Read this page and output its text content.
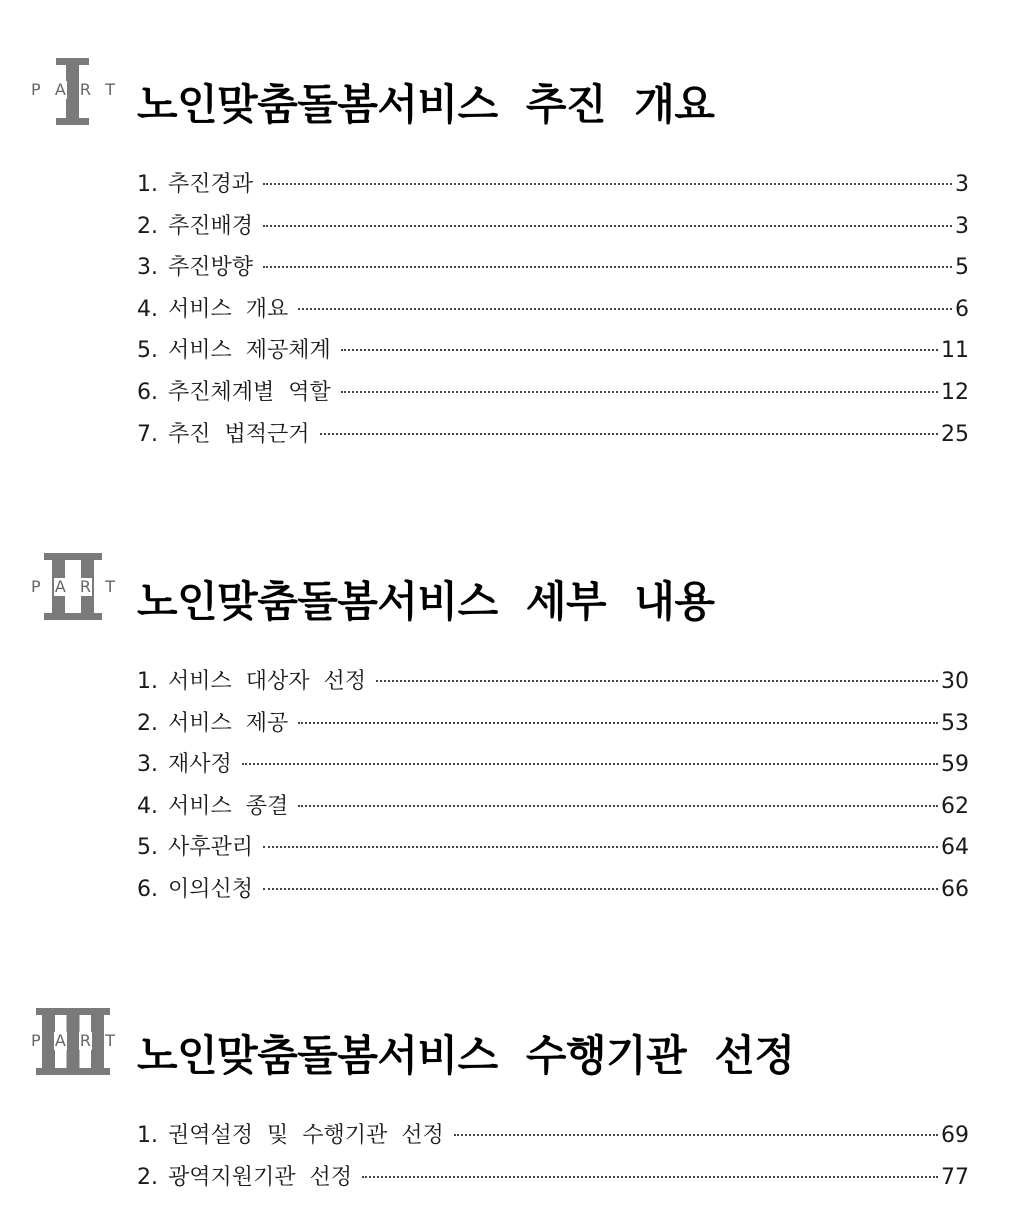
P A R T 노인맞춤돌봄서비스  추진  개요
1. 추진경과	3
2. 추진배경	3
3. 추진방향	5
4. 서비스  개요	6
5. 서비스  제공체계	11
6. 추진체계별  역할	12
7. 추진  법적근거	25
P A R T 노인맞춤돌봄서비스  세부  내용
1. 서비스  대상자  선정	30
2. 서비스  제공	53
3. 재사정	59
4. 서비스  종결	62
5. 사후관리	64
6. 이의신청	66
P A R T 노인맞춤돌봄서비스  수행기관  선정
1. 권역설정  및  수행기관  선정	69
2. 광역지원기관  선정	77
